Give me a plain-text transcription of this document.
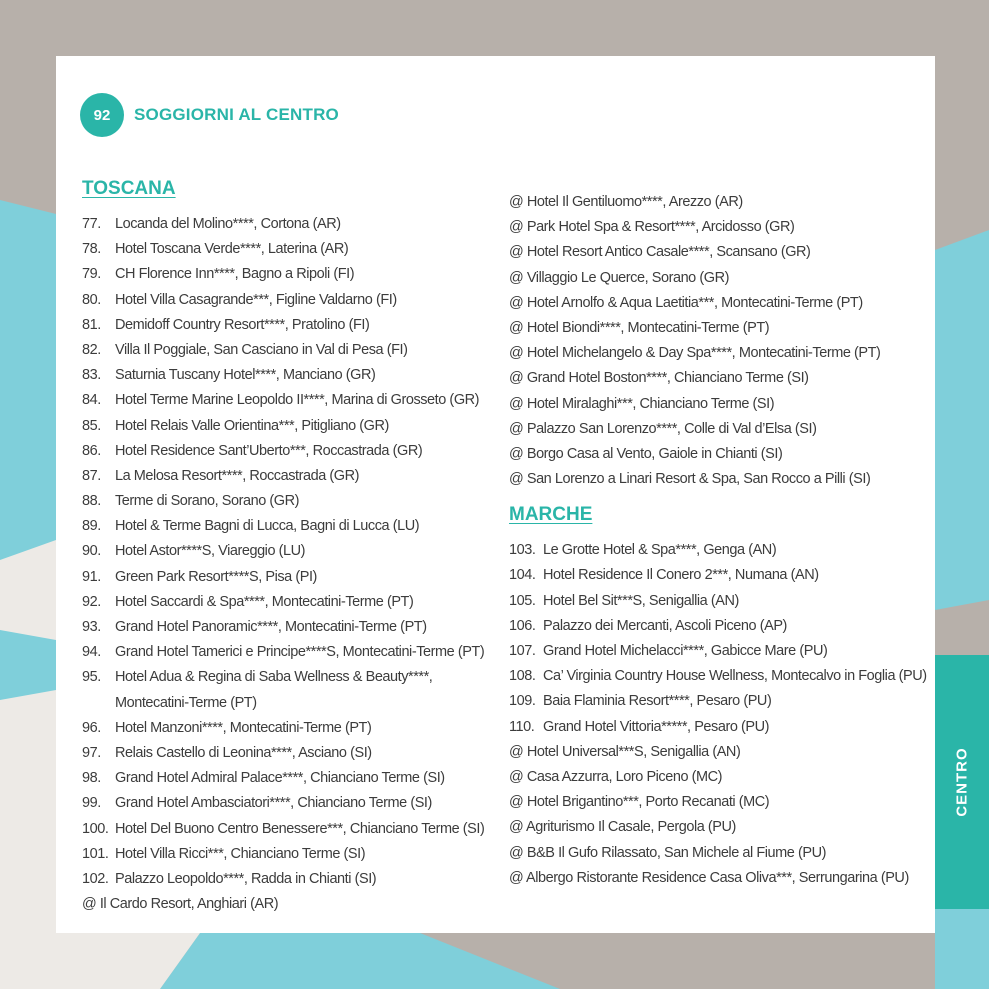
92	SOGGIORNI AL CENTRO
TOSCANA
77. Locanda del Molino****, Cortona (AR)
78. Hotel Toscana Verde****, Laterina (AR)
79. CH Florence Inn****, Bagno a Ripoli (FI)
80. Hotel Villa Casagrande***, Figline Valdarno (FI)
81. Demidoff Country Resort****, Pratolino (FI)
82. Villa Il Poggiale, San Casciano in Val di Pesa (FI)
83. Saturnia Tuscany Hotel****, Manciano (GR)
84. Hotel Terme Marine Leopoldo II****, Marina di Grosseto (GR)
85. Hotel Relais Valle Orientina***, Pitigliano (GR)
86. Hotel Residence Sant’Uberto***, Roccastrada (GR)
87. La Melosa Resort****, Roccastrada (GR)
88. Terme di Sorano, Sorano (GR)
89. Hotel & Terme Bagni di Lucca, Bagni di Lucca (LU)
90. Hotel Astor****S, Viareggio (LU)
91. Green Park Resort****S, Pisa (PI)
92. Hotel Saccardi & Spa****, Montecatini-Terme (PT)
93. Grand Hotel Panoramic****, Montecatini-Terme (PT)
94. Grand Hotel Tamerici e Principe****S, Montecatini-Terme (PT)
95. Hotel Adua & Regina di Saba Wellness & Beauty****, Montecatini-Terme (PT)
96. Hotel Manzoni****, Montecatini-Terme (PT)
97. Relais Castello di Leonina****, Asciano (SI)
98. Grand Hotel Admiral Palace****, Chianciano Terme (SI)
99. Grand Hotel Ambasciatori****, Chianciano Terme (SI)
100. Hotel Del Buono Centro Benessere***, Chianciano Terme (SI)
101. Hotel Villa Ricci***, Chianciano Terme (SI)
102. Palazzo Leopoldo****, Radda in Chianti (SI)
@ Il Cardo Resort, Anghiari (AR)
@ Hotel Il Gentiluomo****, Arezzo (AR)
@ Park Hotel Spa & Resort****, Arcidosso (GR)
@ Hotel Resort Antico Casale****, Scansano (GR)
@ Villaggio Le Querce, Sorano (GR)
@ Hotel Arnolfo & Aqua Laetitia***, Montecatini-Terme (PT)
@ Hotel Biondi****, Montecatini-Terme (PT)
@ Hotel Michelangelo & Day Spa****, Montecatini-Terme (PT)
@ Grand Hotel Boston****, Chianciano Terme (SI)
@ Hotel Miralaghi***, Chianciano Terme (SI)
@ Palazzo San Lorenzo****, Colle di Val d’Elsa (SI)
@ Borgo Casa al Vento, Gaiole in Chianti (SI)
@ San Lorenzo a Linari Resort & Spa, San Rocco a Pilli (SI)
MARCHE
103. Le Grotte Hotel & Spa****, Genga (AN)
104. Hotel Residence Il Conero 2***, Numana (AN)
105. Hotel Bel Sit***S, Senigallia (AN)
106. Palazzo dei Mercanti, Ascoli Piceno (AP)
107. Grand Hotel Michelacci****, Gabicce Mare (PU)
108. Ca’ Virginia Country House Wellness, Montecalvo in Foglia (PU)
109. Baia Flaminia Resort****, Pesaro (PU)
110. Grand Hotel Vittoria*****, Pesaro (PU)
@ Hotel Universal***S, Senigallia (AN)
@ Casa Azzurra, Loro Piceno (MC)
@ Hotel Brigantino***, Porto Recanati (MC)
@ Agriturismo Il Casale, Pergola (PU)
@ B&B Il Gufo Rilassato, San Michele al Fiume (PU)
@ Albergo Ristorante Residence Casa Oliva***, Serrungarina (PU)
CENTRO
